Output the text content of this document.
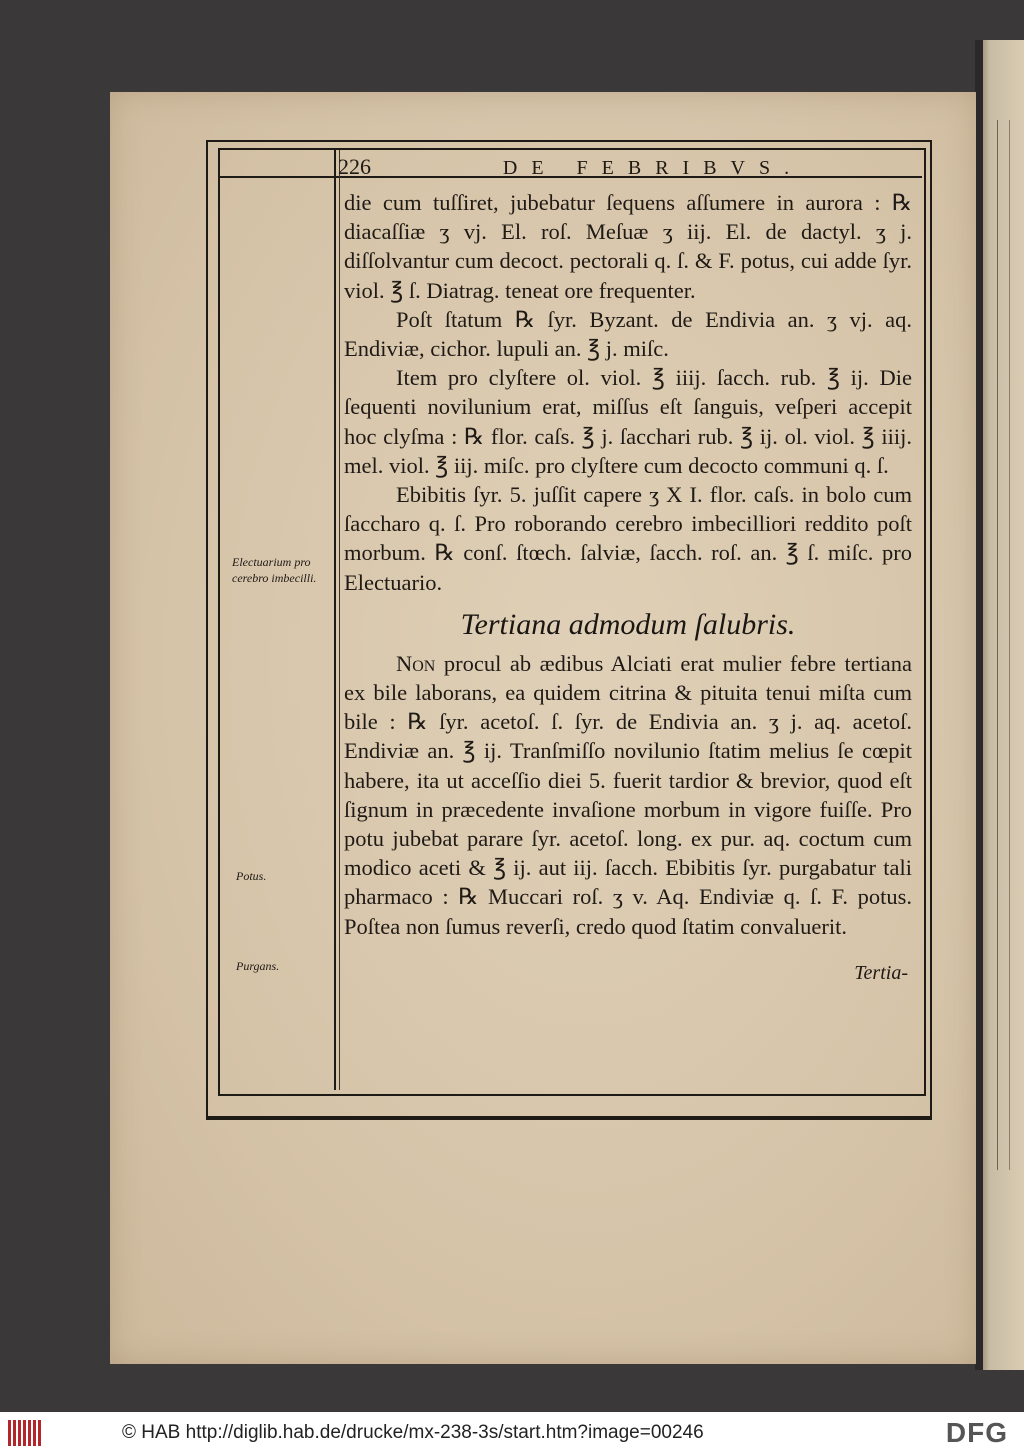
226	DE FEBRIBVS.

die cum tuſſiret, jubebatur ſequens aſſumere in aurora : ℞ diacaſſiæ ʒ vj. El. roſ. Meſuæ ʒ iij. El. de dactyl. ʒ j. diſſolvantur cum decoct. pectorali q. ſ. & F. potus, cui adde ſyr. viol. ℥ ſ. Diatrag. teneat ore frequenter.

Poſt ſtatum ℞ ſyr. Byzant. de Endivia an. ʒ vj. aq. Endiviæ, cichor. lupuli an. ℥ j. miſc.

Item pro clyſtere ol. viol. ℥ iiij. ſacch. rub. ℥ ij. Die ſequenti novilunium erat, miſſus eſt ſanguis, veſperi accepit hoc clyſma : ℞ flor. caſs. ℥ j. ſacchari rub. ℥ ij. ol. viol. ℥ iiij. mel. viol. ℥ iij. miſc. pro clyſtere cum decocto communi q. ſ.

Ebibitis ſyr. 5. juſſit capere ʒ X I. flor. caſs. in bolo cum ſaccharo q. ſ. Pro roborando cerebro imbecilliori reddito poſt morbum. ℞ conſ. ſtœch. ſalviæ, ſacch. roſ. an. ℥ ſ. miſc. pro Electuario.

Tertiana admodum ſalubris.

Non procul ab ædibus Alciati erat mulier febre tertiana ex bile laborans, ea quidem citrina & pituita tenui miſta cum bile : ℞ ſyr. acetoſ. ſ. ſyr. de Endivia an. ʒ j. aq. acetoſ. Endiviæ an. ℥ ij. Tranſmiſſo novilunio ſtatim melius ſe cœpit habere, ita ut acceſſio diei 5. fuerit tardior & brevior, quod eſt ſignum in præcedente invaſione morbum in vigore fuiſſe. Pro potu jubebat parare ſyr. acetoſ. long. ex pur. aq. coctum cum modico aceti & ℥ ij. aut iij. ſacch. Ebibitis ſyr. purgabatur tali pharmaco : ℞ Muccari roſ. ʒ v. Aq. Endiviæ q. ſ. F. potus. Poſtea non ſumus reverſi, credo quod ſtatim convaluerit.

Tertia-
Electuarium pro cerebro imbecilli.
Potus.
Purgans.
© HAB http://diglib.hab.de/drucke/mx-238-3s/start.htm?image=00246	DFG
